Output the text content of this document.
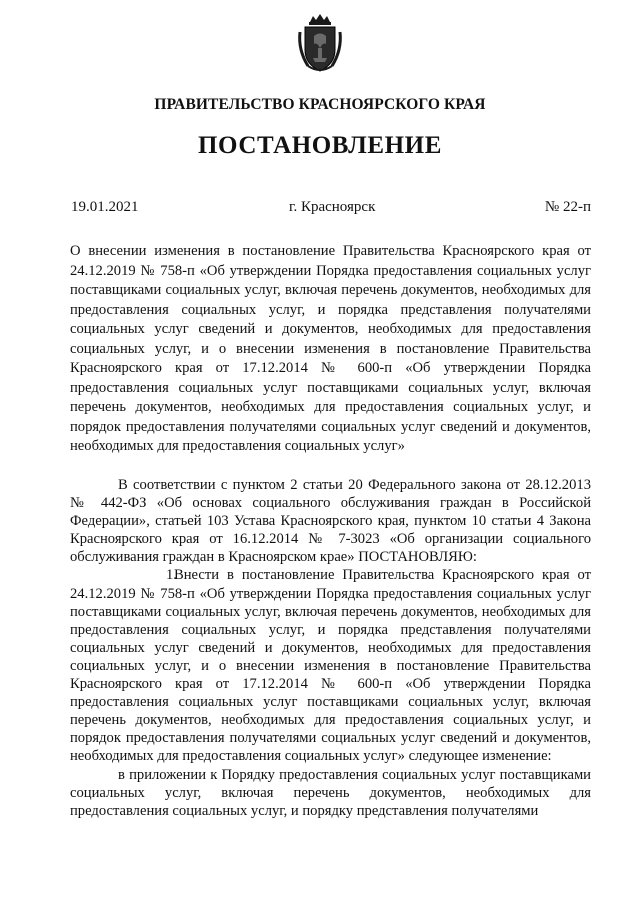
ПРАВИТЕЛЬСТВО КРАСНОЯРСКОГО КРАЯ
ПОСТАНОВЛЕНИЕ
19.01.2021	г. Красноярск	№ 22-п
О внесении изменения в постановление Правительства Красноярского края от 24.12.2019 № 758-п «Об утверждении Порядка предоставления социальных услуг поставщиками социальных услуг, включая перечень документов, необходимых для предоставления социальных услуг, и порядка представления получателями социальных услуг сведений и документов, необходимых для предоставления социальных услуг, и о внесении изменения в постановление Правительства Красноярского края от 17.12.2014 № 600-п «Об утверждении Порядка предоставления социальных услуг поставщиками социальных услуг, включая перечень документов, необходимых для предоставления социальных услуг, и порядок предоставления получателями социальных услуг сведений и документов, необходимых для предоставления социальных услуг»

В соответствии с пунктом 2 статьи 20 Федерального закона от 28.12.2013 № 442-ФЗ «Об основах социального обслуживания граждан в Российской Федерации», статьей 103 Устава Красноярского края, пунктом 10 статьи 4 Закона Красноярского края от 16.12.2014 № 7-3023 «Об организации социального обслуживания граждан в Красноярском крае» ПОСТАНОВЛЯЮ:

1.Внести в постановление Правительства Красноярского края от 24.12.2019 № 758-п «Об утверждении Порядка предоставления социальных услуг поставщиками социальных услуг, включая перечень документов, необходимых для предоставления социальных услуг, и порядка представления получателями социальных услуг сведений и документов, необходимых для предоставления социальных услуг, и о внесении изменения в постановление Правительства Красноярского края от 17.12.2014 № 600-п «Об утверждении Порядка предоставления социальных услуг поставщиками социальных услуг, включая перечень документов, необходимых для предоставления социальных услуг, и порядок предоставления получателями социальных услуг сведений и документов, необходимых для предоставления социальных услуг» следующее изменение:

в приложении к Порядку предоставления социальных услуг поставщиками социальных услуг, включая перечень документов, необходимых для предоставления социальных услуг, и порядку представления получателями
